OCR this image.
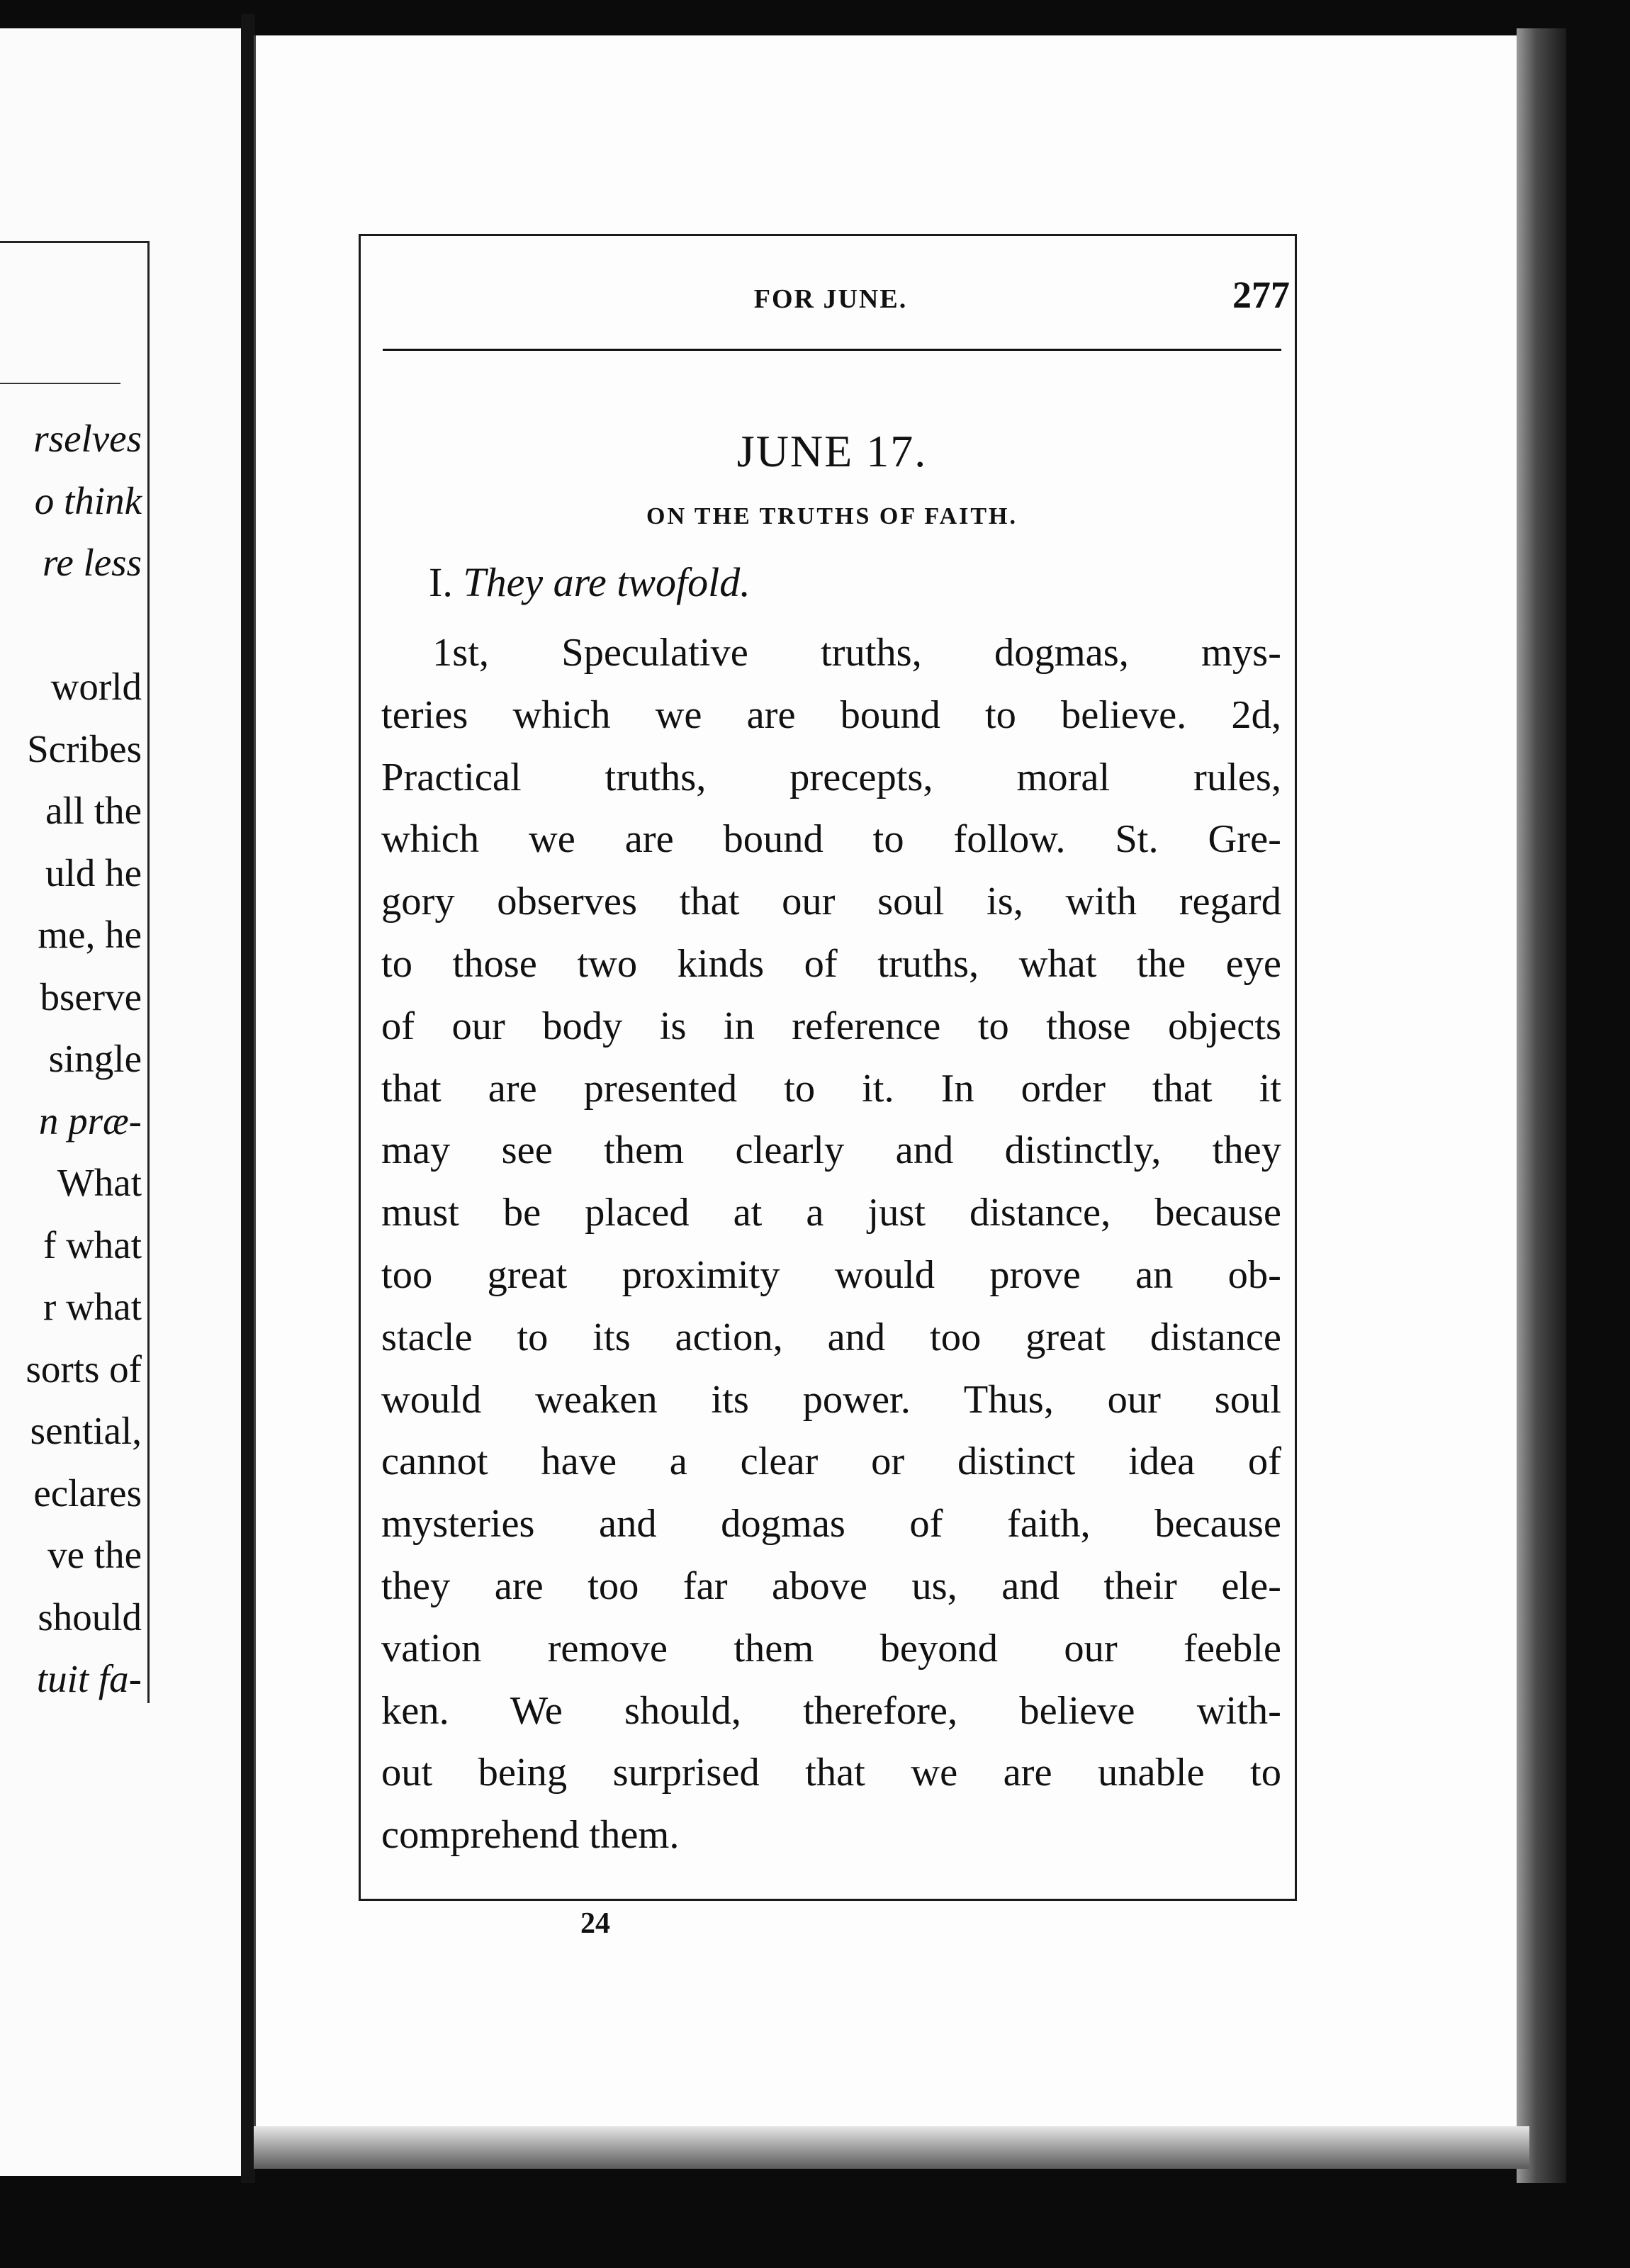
rselves
o think
re less
world
Scribes
all the
uld he
me, he
bserve
single
n præ-
What
f what
r what
sorts of
sential,
eclares
ve the
should
tuit fa-
FOR JUNE.	277
JUNE 17.
ON THE TRUTHS OF FAITH.
I. They are twofold.
1st, Speculative truths, dogmas, mys-
teries which we are bound to believe. 2d,
Practical truths, precepts, moral rules,
which we are bound to follow. St. Gre-
gory observes that our soul is, with regard
to those two kinds of truths, what the eye
of our body is in reference to those objects
that are presented to it. In order that it
may see them clearly and distinctly, they
must be placed at a just distance, because
too great proximity would prove an ob-
stacle to its action, and too great distance
would weaken its power. Thus, our soul
cannot have a clear or distinct idea of
mysteries and dogmas of faith, because
they are too far above us, and their ele-
vation remove them beyond our feeble
ken. We should, therefore, believe with-
out being surprised that we are unable to
comprehend them.
24
